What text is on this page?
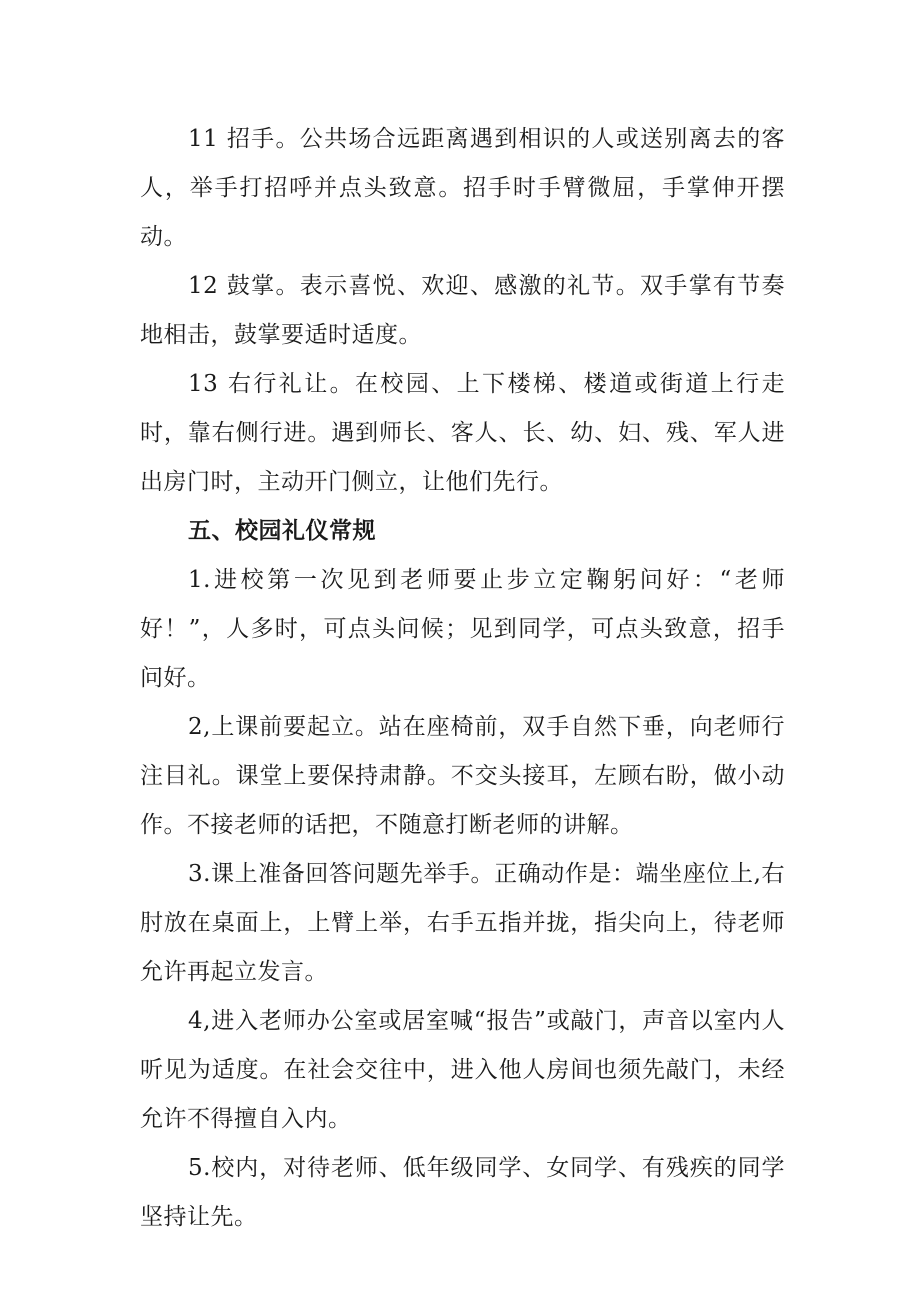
11 招手。公共场合远距离遇到相识的人或送别离去的客人，举手打招呼并点头致意。招手时手臂微屈，手掌伸开摆动。

12 鼓掌。表示喜悦、欢迎、感激的礼节。双手掌有节奏地相击，鼓掌要适时适度。

13 右行礼让。在校园、上下楼梯、楼道或街道上行走时，靠右侧行进。遇到师长、客人、长、幼、妇、残、军人进出房门时，主动开门侧立，让他们先行。

五、校园礼仪常规

1.进校第一次见到老师要止步立定鞠躬问好：“老师好！”，人多时，可点头问候；见到同学，可点头致意，招手问好。

2,上课前要起立。站在座椅前，双手自然下垂，向老师行注目礼。课堂上要保持肃静。不交头接耳，左顾右盼，做小动作。不接老师的话把，不随意打断老师的讲解。

3.课上准备回答问题先举手。正确动作是：端坐座位上,右肘放在桌面上，上臂上举，右手五指并拢，指尖向上，待老师允许再起立发言。

4,进入老师办公室或居室喊“报告”或敲门，声音以室内人听见为适度。在社会交往中，进入他人房间也须先敲门，未经允许不得擅自入内。

5.校内，对待老师、低年级同学、女同学、有残疾的同学坚持让先。
